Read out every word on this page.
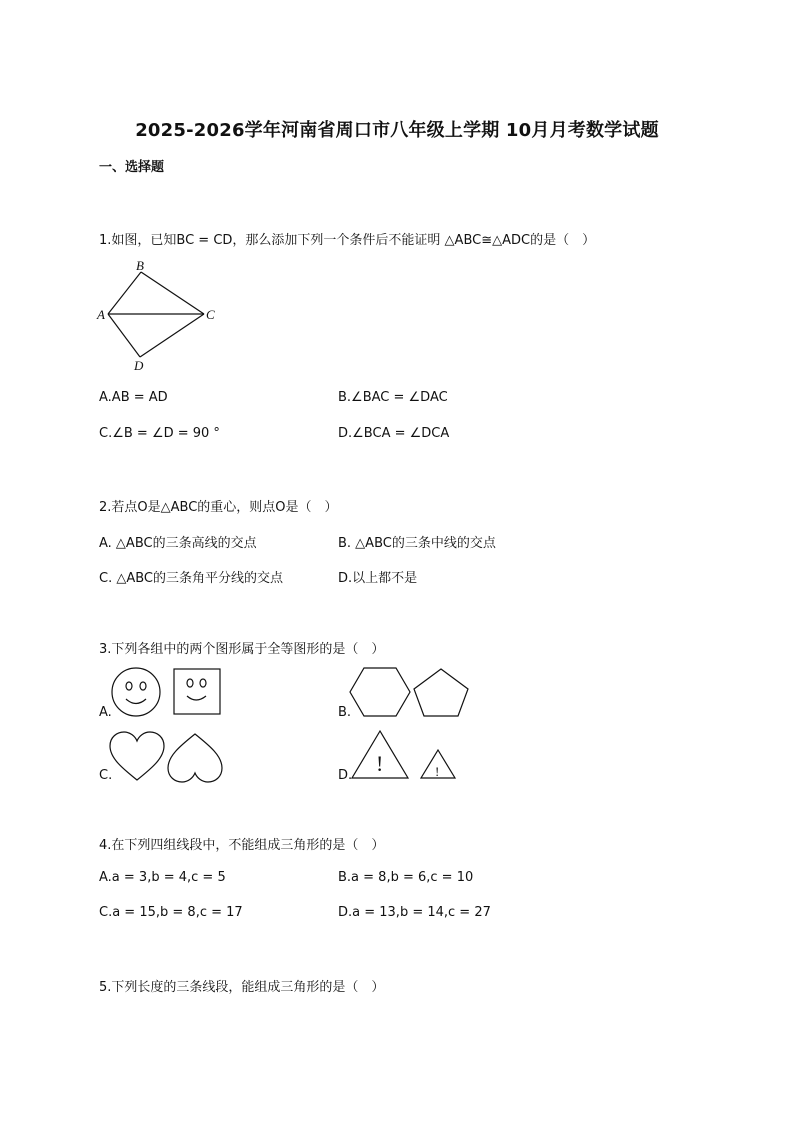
2025-2026学年河南省周口市八年级上学期 10月月考数学试题
一、选择题
1.如图，已知BC = CD，那么添加下列一个条件后不能证明 △ABC≅△ADC的是（　）
B
A	C
D
A.AB = AD	B.∠BAC = ∠DAC
C.∠B = ∠D = 90 °	D.∠BCA = ∠DCA
2.若点O是△ABC的重心，则点O是（　）
A. △ABC的三条高线的交点	B. △ABC的三条中线的交点
C. △ABC的三条角平分线的交点	D.以上都不是
3.下列各组中的两个图形属于全等图形的是（　）
A.	B.
C.	D. !	!
4.在下列四组线段中，不能组成三角形的是（　）
A.a = 3,b = 4,c = 5	B.a = 8,b = 6,c = 10
C.a = 15,b = 8,c = 17	D.a = 13,b = 14,c = 27
5.下列长度的三条线段，能组成三角形的是（　）
